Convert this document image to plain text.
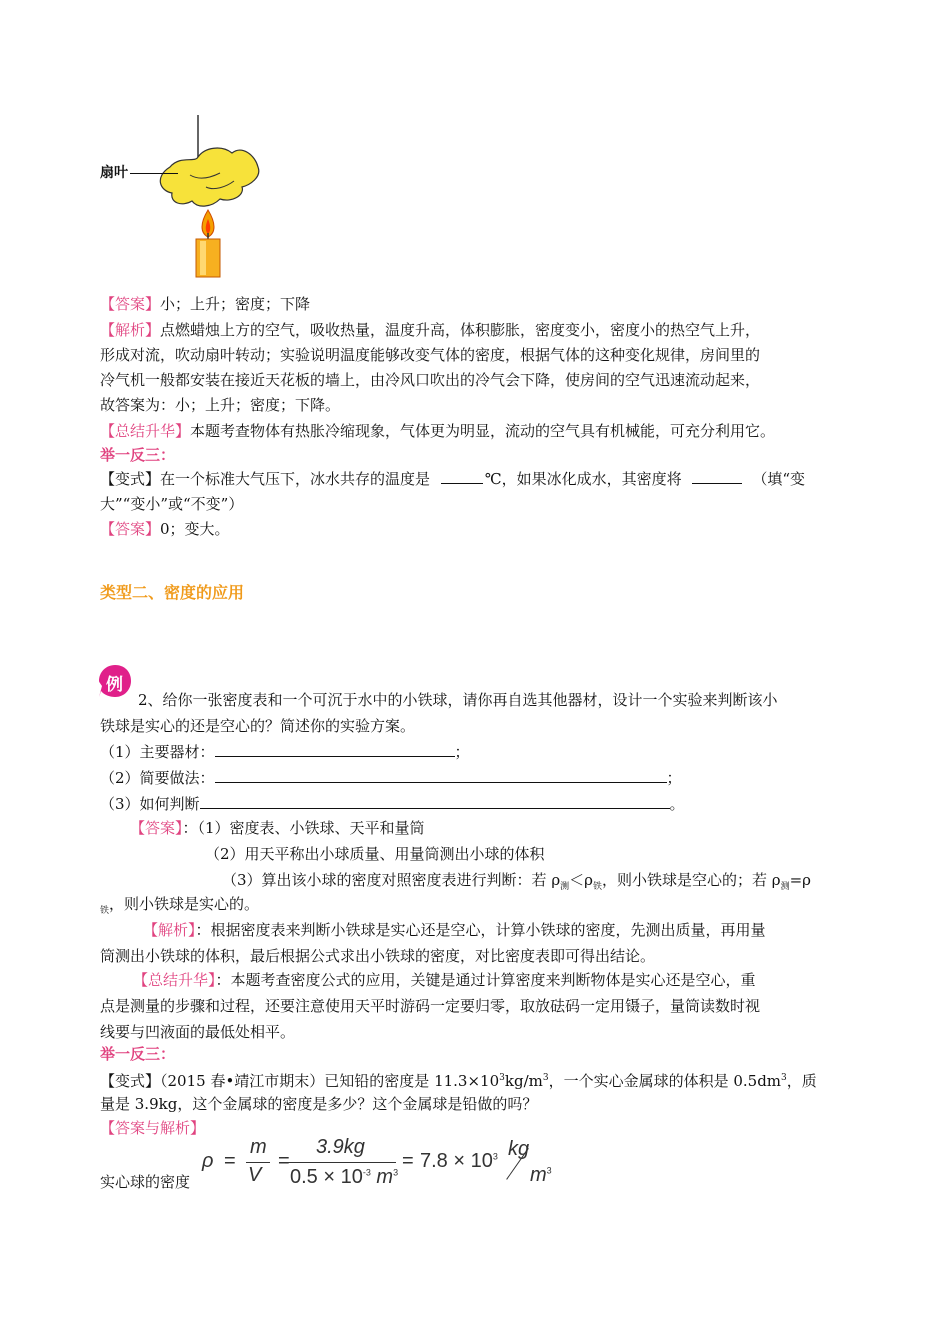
扇叶
【答案】小；上升；密度；下降
【解析】点燃蜡烛上方的空气，吸收热量，温度升高，体积膨胀，密度变小，密度小的热空气上升，
形成对流，吹动扇叶转动；实验说明温度能够改变气体的密度，根据气体的这种变化规律，房间里的
冷气机一般都安装在接近天花板的墙上，由冷风口吹出的冷气会下降，使房间的空气迅速流动起来，
故答案为：小；上升；密度；下降。
【总结升华】本题考查物体有热胀冷缩现象，气体更为明显，流动的空气具有机械能，可充分利用它。
举一反三：
【变式】在一个标准大气压下，冰水共存的温度是	℃，如果冰化成水，其密度将	（填“变
大”“变小”或“不变”）
【答案】0；变大。
类型二、密度的应用
例
2、给你一张密度表和一个可沉于水中的小铁球，请你再自选其他器材，设计一个实验来判断该小
铁球是实心的还是空心的？简述你的实验方案。
（1）主要器材：	；
（2）简要做法：	；
（3）如何判断	。
【答案】：（1）密度表、小铁球、天平和量筒
（2）用天平称出小球质量、用量筒测出小球的体积
（3）算出该小球的密度对照密度表进行判断：若 $\rho_测<\rho_铁$，则小铁球是空心的；若 $\rho_测=\rho$
$_铁$，则小铁球是实心的。
【解析】：根据密度表来判断小铁球是实心还是空心，计算小铁球的密度，先测出质量，再用量
筒测出小铁球的体积，最后根据公式求出小铁球的密度，对比密度表即可得出结论。
【总结升华】：本题考查密度公式的应用，关键是通过计算密度来判断物体是实心还是空心，重
点是测量的步骤和过程，还要注意使用天平时游码一定要归零，取放砝码一定用镊子，量筒读数时视
线要与凹液面的最低处相平。
举一反三：
【变式】（2015 春•靖江市期末）已知铅的密度是 $11.3\times 10^3kg/m^3$，一个实心金属球的体积是 $0.5dm^3$，质
量是 3.9kg，这个金属球的密度是多少？这个金属球是铅做的吗？
【答案与解析】
实心球的密度
ρ =
m
V
=
3.9kg
$0.5 \times 10^{-3}$ $m^3$
= $7.8 \times 10^3$ kg
$m^3$
